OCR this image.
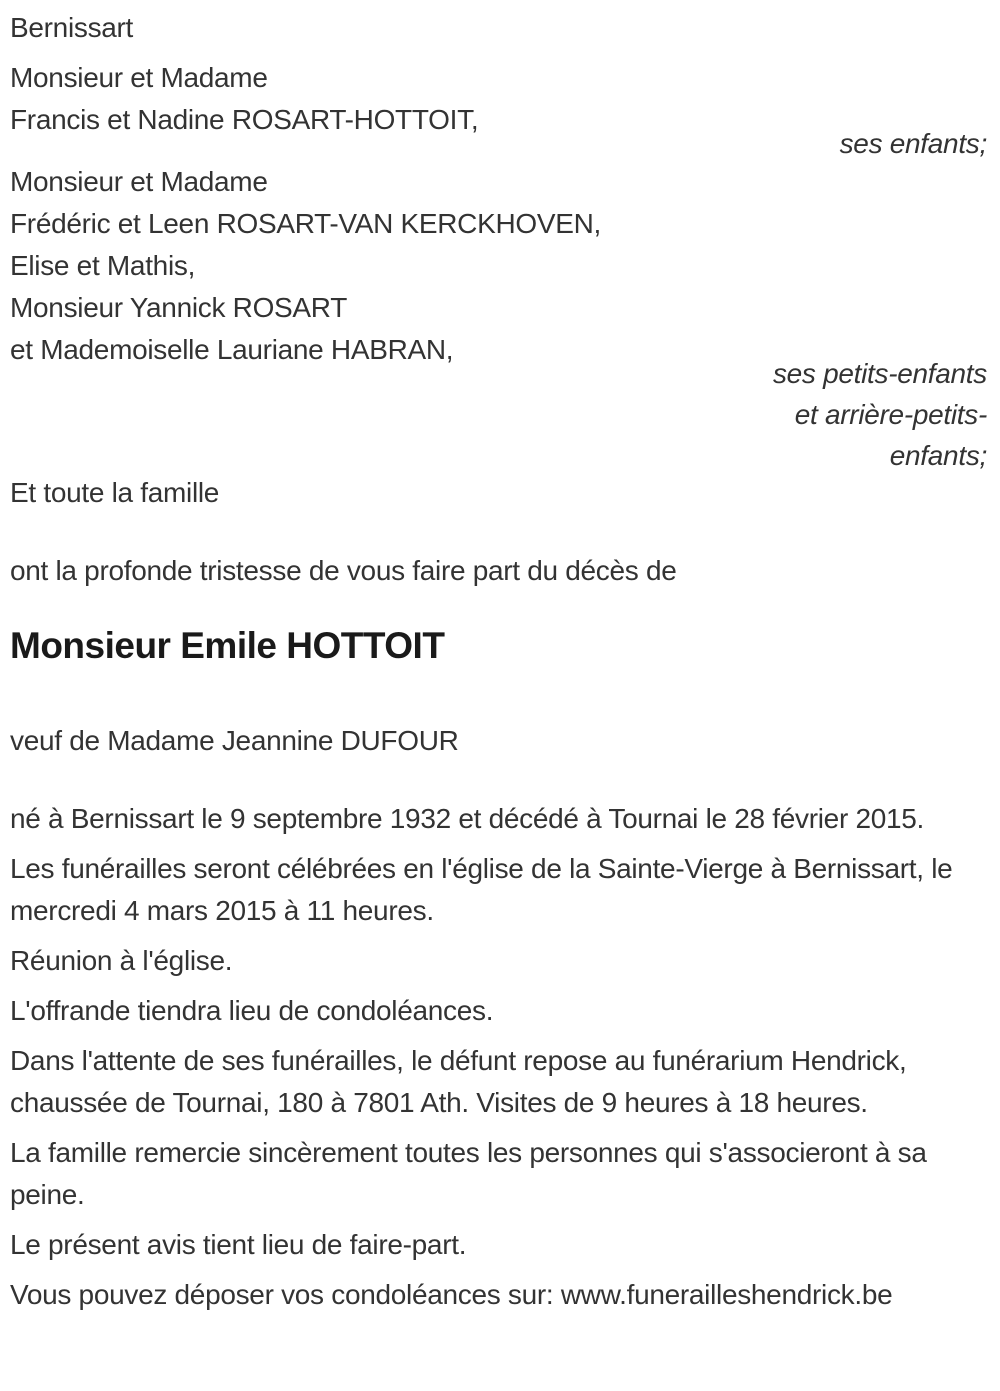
Bernissart

Monsieur et Madame

Francis et Nadine ROSART-HOTTOIT,

ses enfants;

Monsieur et Madame

Frédéric et Leen ROSART-VAN KERCKHOVEN,

Elise et Mathis,

Monsieur Yannick ROSART

et Mademoiselle Lauriane HABRAN,

ses petits-enfants et arrière-petits-enfants;

Et toute la famille

ont la profonde tristesse de vous faire part du décès de

Monsieur Emile HOTTOIT

veuf de Madame Jeannine DUFOUR

né à Bernissart le 9 septembre 1932 et décédé à Tournai le 28 février 2015.

Les funérailles seront célébrées en l'église de la Sainte-Vierge à Bernissart, le mercredi 4 mars 2015 à 11 heures.

Réunion à l'église.

L'offrande tiendra lieu de condoléances.

Dans l'attente de ses funérailles, le défunt repose au funérarium Hendrick, chaussée de Tournai, 180 à 7801 Ath. Visites de 9 heures à 18 heures.

La famille remercie sincèrement toutes les personnes qui s'associeront à sa peine.

Le présent avis tient lieu de faire-part.

Vous pouvez déposer vos condoléances sur: www.funerailleshendrick.be
